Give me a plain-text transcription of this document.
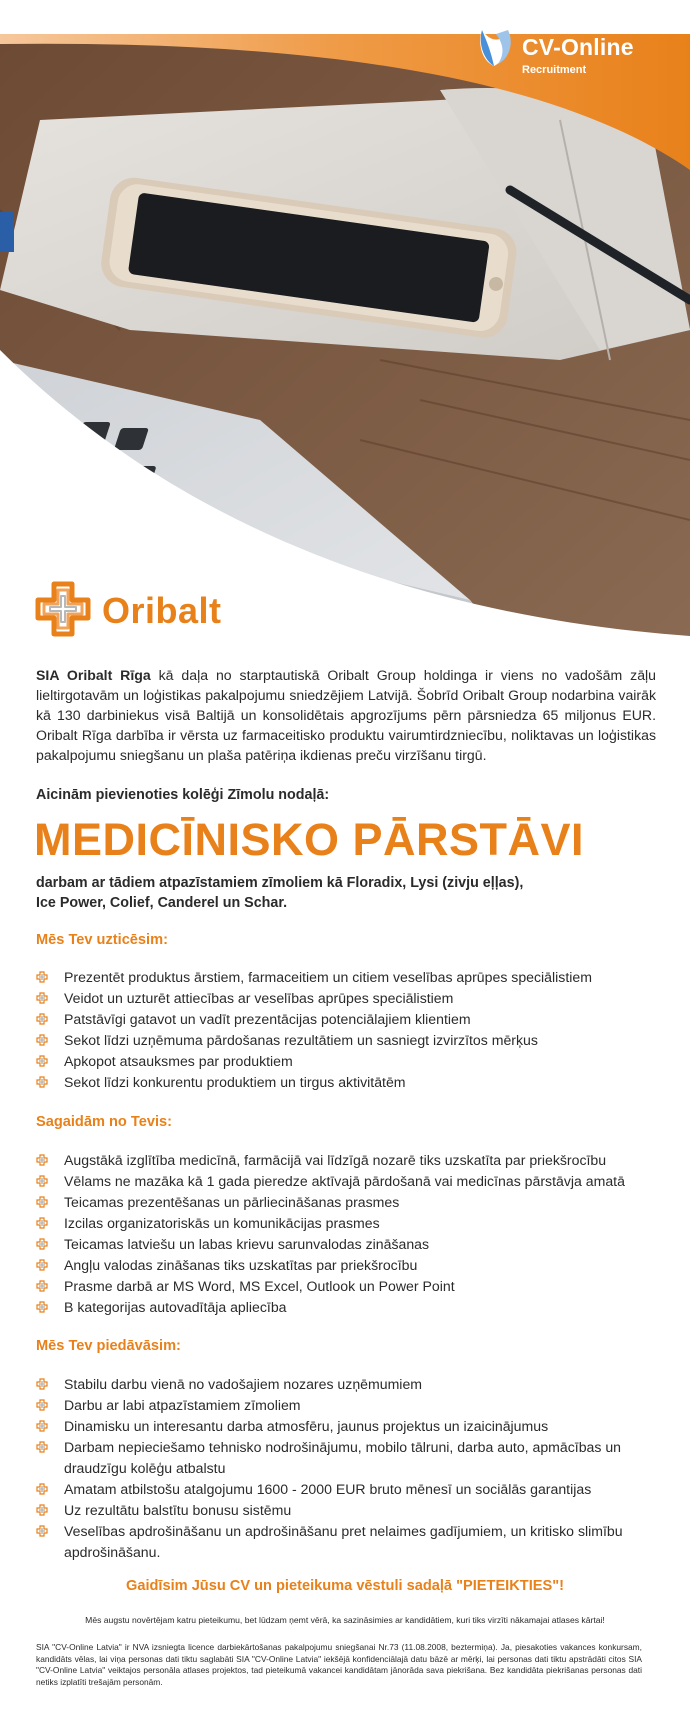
CV-Online
Recruitment
Oribalt

SIA Oribalt Rīga kā daļa no starptautiskā Oribalt Group holdinga ir viens no vadošām zāļu lieltirgotavām un loģistikas pakalpojumu sniedzējiem Latvijā. Šobrīd Oribalt Group nodarbina vairāk kā 130 darbiniekus visā Baltijā un konsolidētais apgrozījums pērn pārsniedza 65 miljonus EUR. Oribalt Rīga darbība ir vērsta uz farmaceitisko produktu vairumtirdzniecību, noliktavas un loģistikas pakalpojumu sniegšanu un plaša patēriņa ikdienas preču virzīšanu tirgū.

Aicinām pievienoties kolēģi Zīmolu nodaļā:

MEDICĪNISKO PĀRSTĀVI
darbam ar tādiem atpazīstamiem zīmoliem kā Floradix, Lysi (zivju eļļas),
Ice Power, Colief, Canderel un Schar.
Mēs Tev uzticēsim:
Prezentēt produktus ārstiem, farmaceitiem un citiem veselības aprūpes speciālistiem
Veidot un uzturēt attiecības ar veselības aprūpes speciālistiem
Patstāvīgi gatavot un vadīt prezentācijas potenciālajiem klientiem
Sekot līdzi uzņēmuma pārdošanas rezultātiem un sasniegt izvirzītos mērķus
Apkopot atsauksmes par produktiem
Sekot līdzi konkurentu produktiem un tirgus aktivitātēm
Sagaidām no Tevis:
Augstākā izglītība medicīnā, farmācijā vai līdzīgā nozarē tiks uzskatīta par priekšrocību
Vēlams ne mazāka kā 1 gada pieredze aktīvajā pārdošanā vai medicīnas pārstāvja amatā
Teicamas prezentēšanas un pārliecināšanas prasmes
Izcilas organizatoriskās un komunikācijas prasmes
Teicamas latviešu un labas krievu sarunvalodas zināšanas
Angļu valodas zināšanas tiks uzskatītas par priekšrocību
Prasme darbā ar MS Word, MS Excel, Outlook un Power Point
B kategorijas autovadītāja apliecība
Mēs Tev piedāvāsim:
Stabilu darbu vienā no vadošajiem nozares uzņēmumiem
Darbu ar labi atpazīstamiem zīmoliem
Dinamisku un interesantu darba atmosfēru, jaunus projektus un izaicinājumus
Darbam nepieciešamo tehnisko nodrošinājumu, mobilo tālruni, darba auto, apmācības un draudzīgu kolēģu atbalstu
Amatam atbilstošu atalgojumu 1600 - 2000 EUR bruto mēnesī un sociālās garantijas
Uz rezultātu balstītu bonusu sistēmu
Veselības apdrošināšanu un apdrošināšanu pret nelaimes gadījumiem, un kritisko slimību apdrošināšanu.

Gaidīsim Jūsu CV un pieteikuma vēstuli sadaļā "PIETEIKTIES"!

Mēs augstu novērtējam katru pieteikumu, bet lūdzam ņemt vērā, ka sazināsimies ar kandidātiem, kuri tiks virzīti nākamajai atlases kārtai!

SIA "CV-Online Latvia" ir NVA izsniegta licence darbiekārtošanas pakalpojumu sniegšanai Nr.73 (11.08.2008, beztermiņa). Ja, piesakoties vakances konkursam, kandidāts vēlas, lai viņa personas dati tiktu saglabāti SIA "CV-Online Latvia" iekšējā konfidenciālajā datu bāzē ar mērķi, lai personas dati tiktu apstrādāti citos SIA "CV-Online Latvia" veiktajos personāla atlases projektos, tad pieteikumā vakancei kandidātam jānorāda sava piekrišana. Bez kandidāta piekrišanas personas dati netiks izplatīti trešajām personām.
